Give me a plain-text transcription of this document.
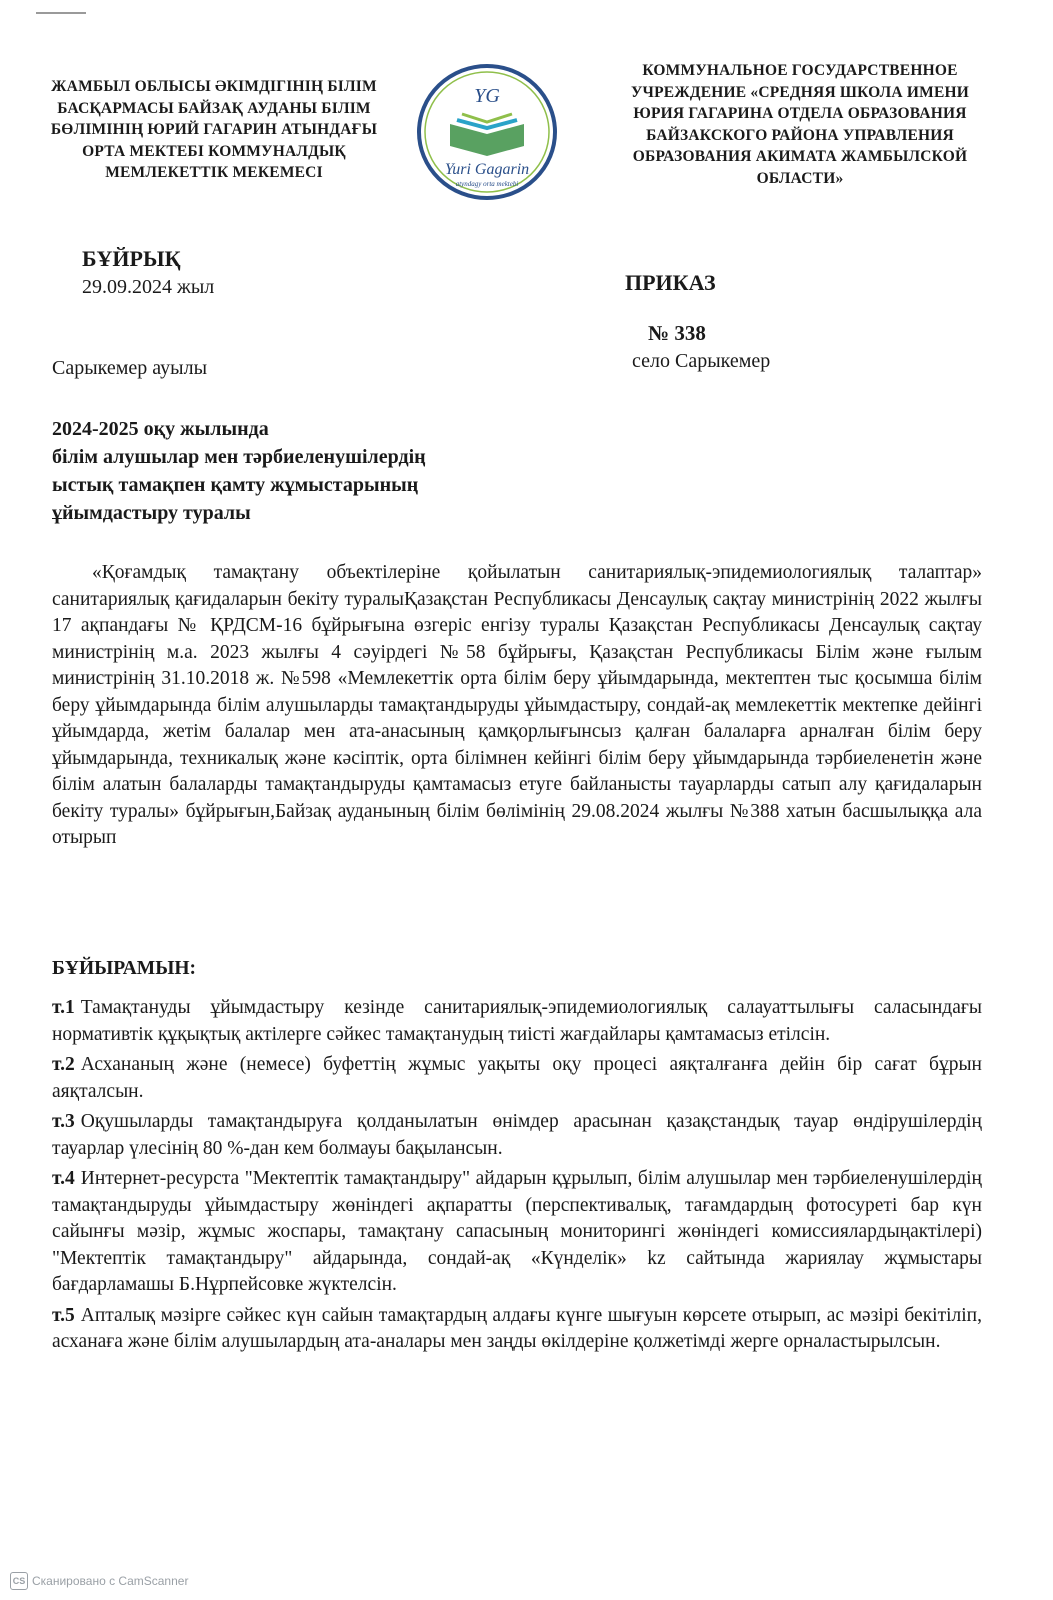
ЖАМБЫЛ ОБЛЫСЫ ӘКІМДІГІНІҢ БІЛІМ БАСҚАРМАСЫ БАЙЗАҚ АУДАНЫ БІЛІМ БӨЛІМІНІҢ ЮРИЙ ГАГАРИН АТЫНДАҒЫ ОРТА МЕКТЕБІ КОММУНАЛДЫҚ МЕМЛЕКЕТТІК МЕКЕМЕСІ
YG
Yuri Gagarin
atyndagy orta mektebi
КОММУНАЛЬНОЕ ГОСУДАРСТВЕННОЕ УЧРЕЖДЕНИЕ «СРЕДНЯЯ ШКОЛА ИМЕНИ ЮРИЯ ГАГАРИНА ОТДЕЛА ОБРАЗОВАНИЯ БАЙЗАКСКОГО РАЙОНА УПРАВЛЕНИЯ ОБРАЗОВАНИЯ АКИМАТА ЖАМБЫЛСКОЙ ОБЛАСТИ»
БҰЙРЫҚ
29.09.2024 жыл	ПРИКАЗ
№ 338
село Сарыкемер
Сарыкемер ауылы
2024-2025 оқу жылында
білім алушылар мен тәрбиеленушілердің
ыстық тамақпен қамту жұмыстарының
ұйымдастыру туралы

«Қоғамдық тамақтану объектілеріне қойылатын санитариялық-эпидемиологиялық талаптар» санитариялық қағидаларын бекіту туралыҚазақстан Республикасы Денсаулық сақтау министрінің 2022 жылғы 17 ақпандағы № ҚРДСМ-16 бұйрығына өзгеріс енгізу туралы Қазақстан Республикасы Денсаулық сақтау министрінің м.а. 2023 жылғы 4 сәуірдегі №58 бұйрығы, Қазақстан Республикасы Білім және ғылым министрінің 31.10.2018 ж. №598 «Мемлекеттік орта білім беру ұйымдарында, мектептен тыс қосымша білім беру ұйымдарында білім алушыларды тамақтандыруды ұйымдастыру, сондай-ақ мемлекеттік мектепке дейінгі ұйымдарда, жетім балалар мен ата-анасының қамқорлығынсыз қалған балаларға арналған білім беру ұйымдарында, техникалық және кәсіптік, орта білімнен кейінгі білім беру ұйымдарында тәрбиеленетін және білім алатын балаларды тамақтандыруды қамтамасыз етуге байланысты тауарларды сатып алу қағидаларын бекіту туралы» бұйрығын,Байзақ ауданының білім бөлімінің 29.08.2024 жылғы №388 хатын басшылыққа ала отырып

БҰЙЫРАМЫН:

т.1 Тамақтануды ұйымдастыру кезінде санитариялық-эпидемиологиялық салауаттылығы саласындағы нормативтік құқықтық актілерге сәйкес тамақтанудың тиісті жағдайлары қамтамасыз етілсін.

т.2 Асхананың және (немесе) буфеттің жұмыс уақыты оқу процесі аяқталғанға дейін бір сағат бұрын аяқталсын.

т.3 Оқушыларды тамақтандыруға қолданылатын өнімдер арасынан қазақстандық тауар өндірушілердің тауарлар үлесінің 80 %-дан кем болмауы бақылансын.

т.4 Интернет-ресурста "Мектептік тамақтандыру" айдарын құрылып, білім алушылар мен тәрбиеленушілердің тамақтандыруды ұйымдастыру жөніндегі ақпаратты (перспективалық, тағамдардың фотосуреті бар күн сайынғы мәзір, жұмыс жоспары, тамақтану сапасының мониторингі жөніндегі комиссиялардыңактілері) "Мектептік тамақтандыру" айдарында, сондай-ақ «Күнделік» kz сайтында жариялау жұмыстары бағдарламашы Б.Нұрпейсовке жүктелсін.

т.5 Апталық мәзірге сәйкес күн сайын тамақтардың алдағы күнге шығуын көрсете отырып, ас мәзірі бекітіліп, асханаға және білім алушылардың ата-аналары мен заңды өкілдеріне қолжетімді жерге орналастырылсын.

CS Сканировано с CamScanner
